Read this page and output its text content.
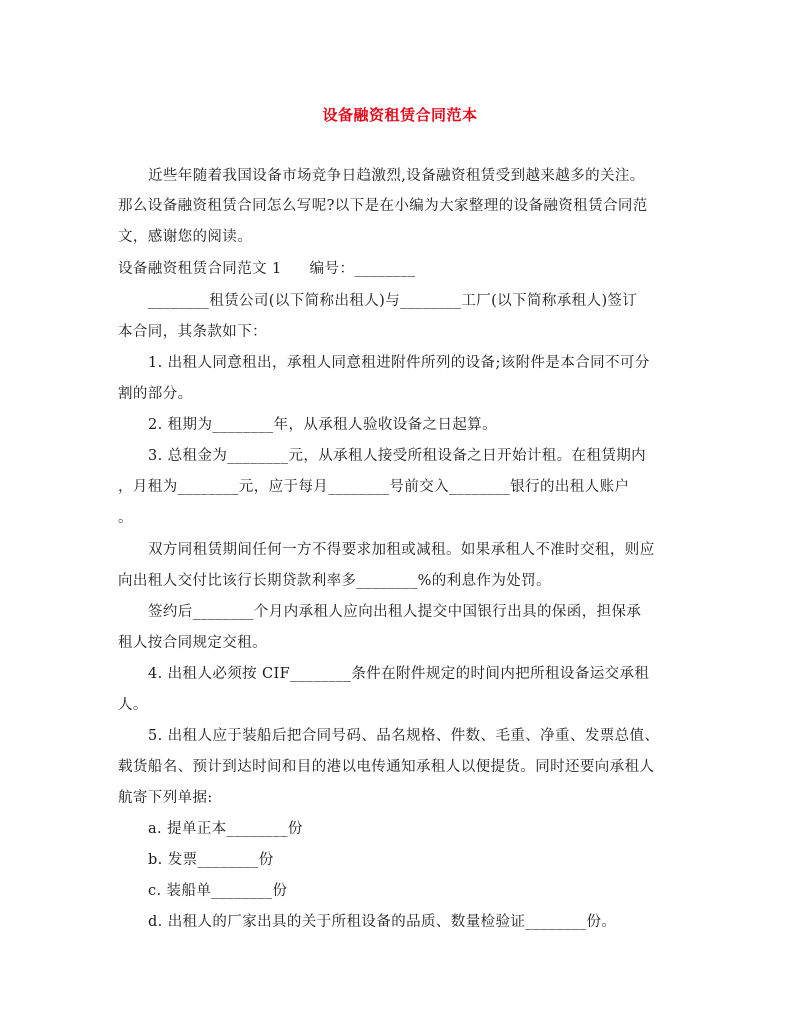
设备融资租赁合同范本
近些年随着我国设备市场竞争日趋激烈,设备融资租赁受到越来越多的关注。
那么设备融资租赁合同怎么写呢?以下是在小编为大家整理的设备融资租赁合同范
文，感谢您的阅读。
设备融资租赁合同范文 1 编号：________
________租赁公司(以下简称出租人)与________工厂(以下简称承租人)签订
本合同，其条款如下：
1. 出租人同意租出，承租人同意租进附件所列的设备;该附件是本合同不可分
割的部分。
2. 租期为________年，从承租人验收设备之日起算。
3. 总租金为________元，从承租人接受所租设备之日开始计租。在租赁期内
，月租为________元，应于每月________号前交入________银行的出租人账户
。
双方同租赁期间任何一方不得要求加租或减租。如果承租人不准时交租，则应
向出租人交付比该行长期贷款利率多________%的利息作为处罚。
签约后________个月内承租人应向出租人提交中国银行出具的保函，担保承
租人按合同规定交租。
4. 出租人必须按 CIF________条件在附件规定的时间内把所租设备运交承租
人。
5. 出租人应于装船后把合同号码、品名规格、件数、毛重、净重、发票总值、
载货船名、预计到达时间和目的港以电传通知承租人以便提货。同时还要向承租人
航寄下列单据:
a. 提单正本________份
b. 发票________份
c. 装船单________份
d. 出租人的厂家出具的关于所租设备的品质、数量检验证________份。
